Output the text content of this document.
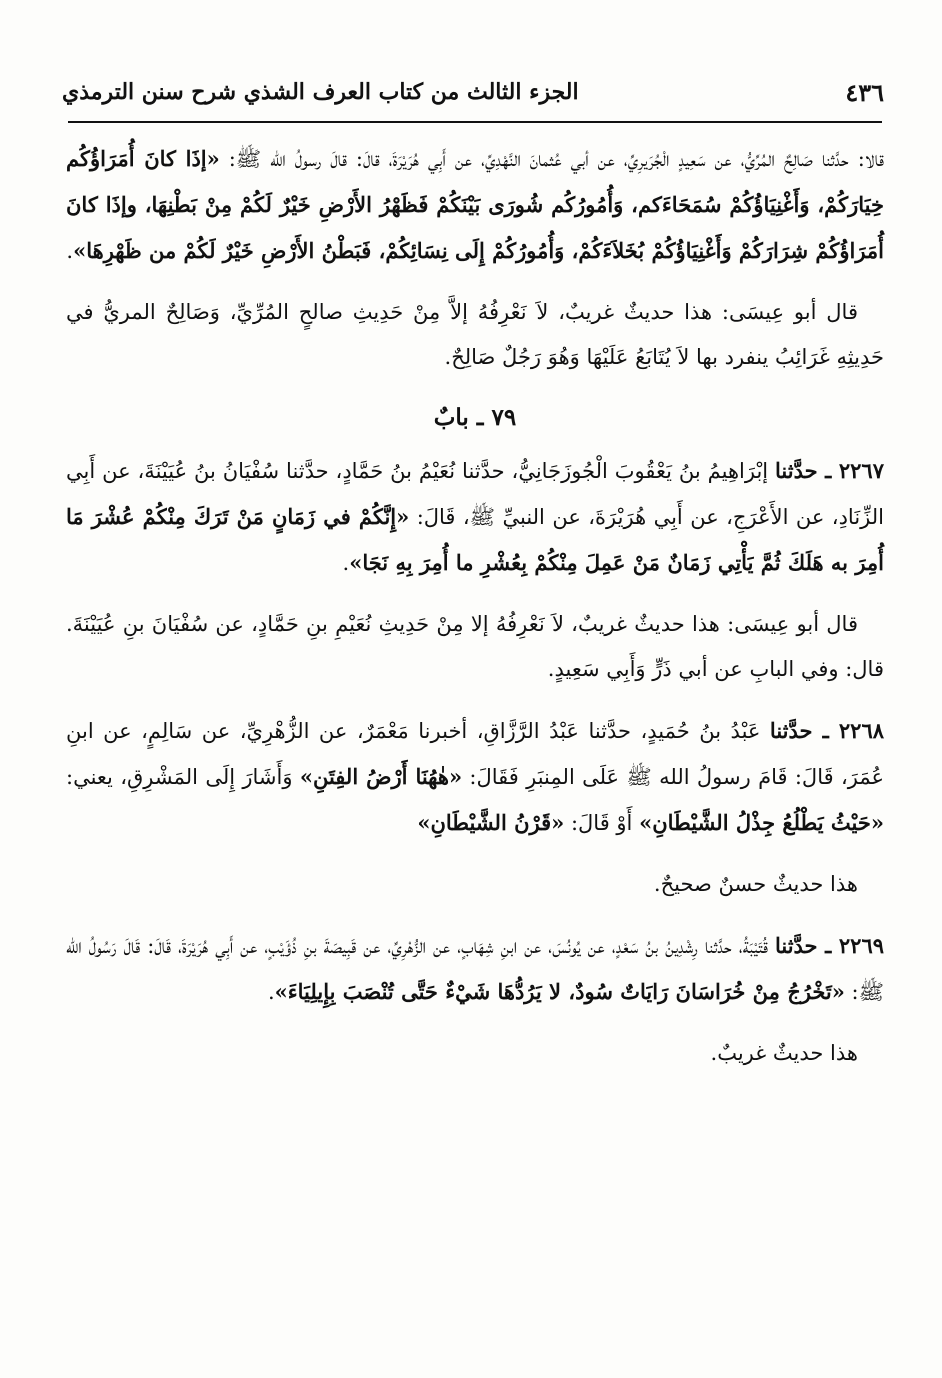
٤٣٦
الجزء الثالث من كتاب العرف الشذي شرح سنن الترمذي

قالا: حدَّثنا صَالِحٌ المُرِّيُّ، عن سَعِيدٍ الْجُرَيرِيِّ، عن أبي عُثمانَ النَّهْدِيِّ، عن أَبِي هُرَيْرَةَ، قالَ: قالَ رسولُ الله ﷺ: «إذَا كانَ أُمَرَاؤُكُم خِيَارَكُمْ، وَأَغْنِيَاؤُكُمْ سُمَحَاءَكم، وَأُمُورُكُم شُورَى بَيْنَكُمْ فَظَهْرُ الأَرْضِ خَيْرٌ لَكُمْ مِنْ بَطْنِهَا، وإذَا كانَ أُمَرَاؤُكُمْ شِرَارَكُمْ وَأَغْنِيَاؤُكُمْ بُخَلاَءَكُمْ، وَأُمُورُكُمْ إِلَى نِسَائِكُمْ، فَبَطْنُ الأَرْضِ خَيْرٌ لَكُمْ من ظَهْرِهَا».

قال أبو عِيسَى: هذا حديثٌ غريبٌ، لاَ نَعْرِفُهُ إلاَّ مِنْ حَدِيثِ صالحٍ المُرِّيِّ، وَصَالِحٌ المريُّ في حَدِيثِهِ غَرَائِبُ ينفرد بها لاَ يُتَابَعُ عَلَيْهَا وَهُوَ رَجُلٌ صَالِحٌ.

٧٩ ـ بابٌ

٢٢٦٧ ـ حدَّثنا إبْرَاهِيمُ بنُ يَعْقُوبَ الْجُوزَجَانِيُّ، حدَّثنا نُعَيْمُ بنُ حَمَّادٍ، حدَّثنا سُفْيَانُ بنُ عُيَيْنَةَ، عن أَبِي الزِّنَادِ، عن الأَعْرَجِ، عن أَبِي هُرَيْرَةَ، عن النبيِّ ﷺ، قَالَ: «إِنَّكُمْ في زَمَانٍ مَنْ تَرَكَ مِنْكُمْ عُشْرَ مَا أُمِرَ به هَلَكَ ثُمَّ يَأْتِي زَمَانٌ مَنْ عَمِلَ مِنْكُمْ بِعُشْرِ ما أُمِرَ بِهِ نَجَا».

قال أبو عِيسَى: هذا حديثٌ غريبٌ، لاَ نَعْرِفُهُ إلا مِنْ حَدِيثِ نُعَيْمِ بنِ حَمَّادٍ، عن سُفْيَانَ بنِ عُيَيْنَةَ. قال: وفي البابِ عن أبي ذَرٍّ وَأَبِي سَعِيدٍ.

٢٢٦٨ ـ حدَّثنا عَبْدُ بنُ حُمَيدٍ، حدَّثنا عَبْدُ الرَّزَّاقِ، أخبرنا مَعْمَرٌ، عن الزُّهْرِيِّ، عن سَالِمٍ، عن ابنِ عُمَرَ، قَالَ: قَامَ رسولُ الله ﷺ عَلَى المِنبَرِ فَقَالَ: «هٰهُنَا أَرْضُ الفِتَنِ» وَأَشَارَ إِلَى المَشْرِقِ، يعني: «حَيْثُ يَطْلُعُ جِذْلُ الشَّيْطَانِ» أَوْ قَالَ: «قَرْنُ الشَّيْطَانِ»

هذا حديثٌ حسنٌ صحيحٌ.

٢٢٦٩ ـ حدَّثنا قُتَيْبَةُ، حدَّثنا رِشْدِينُ بنُ سَعْدٍ، عن يُونُسَ، عن ابنِ شِهَابٍ، عن الزُّهْرِيِّ، عن قَبِيصَةَ بنِ ذُؤَيْبٍ، عن أَبِي هُرَيْرَةَ، قَالَ: قَالَ رَسُولُ الله ﷺ: «تَخْرُجُ مِنْ خُرَاسَانَ رَايَاتٌ سُودٌ، لا يَرُدُّهَا شَيْءٌ حَتَّى تُنْصَبَ بِإِيلِيَاءَ».

هذا حديثٌ غريبٌ.
